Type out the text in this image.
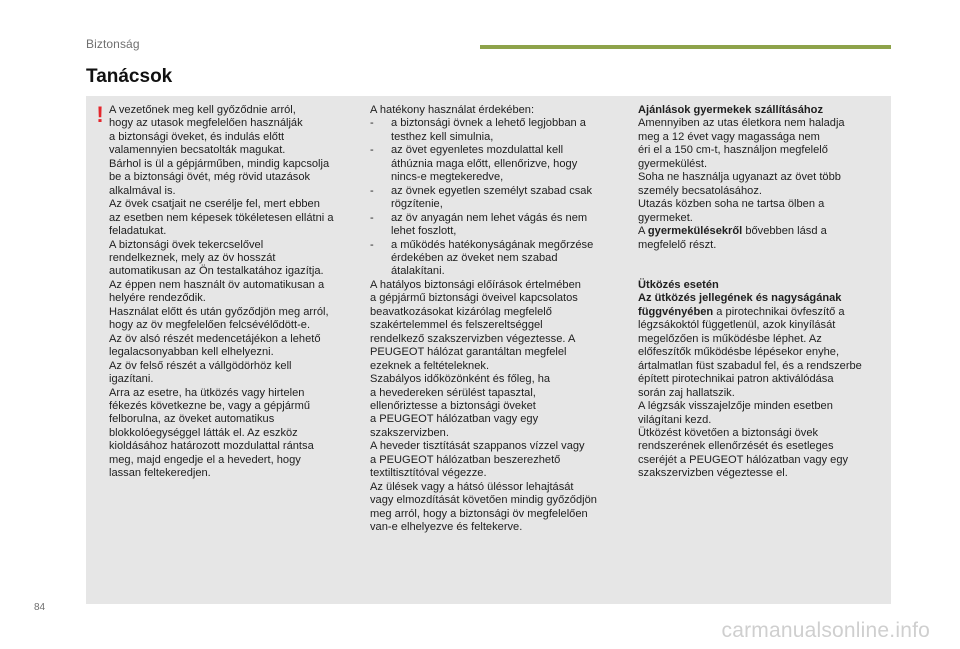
Biztonság
Tanácsok
! A vezetőnek meg kell győződnie arról,
hogy az utasok megfelelően használják
a biztonsági öveket, és indulás előtt
valamennyien becsatolták magukat.
Bárhol is ül a gépjárműben, mindig kapcsolja
be a biztonsági övét, még rövid utazások
alkalmával is.
Az övek csatjait ne cserélje fel, mert ebben
az esetben nem képesek tökéletesen ellátni a
feladatukat.
A biztonsági övek tekercselővel
rendelkeznek, mely az öv hosszát
automatikusan az Ön testalkatához igazítja.
Az éppen nem használt öv automatikusan a
helyére rendeződik.
Használat előtt és után győződjön meg arról,
hogy az öv megfelelően felcsévélődött-e.
Az öv alsó részét medencetájékon a lehető
legalacsonyabban kell elhelyezni.
Az öv felső részét a vállgödörhöz kell
igazítani.
Arra az esetre, ha ütközés vagy hirtelen
fékezés következne be, vagy a gépjármű
felborulna, az öveket automatikus
blokkolóegységgel látták el. Az eszköz
kioldásához határozott mozdulattal rántsa
meg, majd engedje el a hevedert, hogy
lassan feltekeredjen.
A hatékony használat érdekében:
- a biztonsági övnek a lehető legjobban a
testhez kell simulnia,
- az övet egyenletes mozdulattal kell
áthúznia maga előtt, ellenőrizve, hogy
nincs-e megtekeredve,
- az övnek egyetlen személyt szabad csak
rögzítenie,
- az öv anyagán nem lehet vágás és nem
lehet foszlott,
- a működés hatékonyságának megőrzése
érdekében az öveket nem szabad
átalakítani.
A hatályos biztonsági előírások értelmében
a gépjármű biztonsági öveivel kapcsolatos
beavatkozásokat kizárólag megfelelő
szakértelemmel és felszereltséggel
rendelkező szakszervizben végeztesse. A
PEUGEOT hálózat garantáltan megfelel
ezeknek a feltételeknek.
Szabályos időközönként és főleg, ha
a hevedereken sérülést tapasztal,
ellenőriztesse a biztonsági öveket
a PEUGEOT hálózatban vagy egy
szakszervizben.
A heveder tisztítását szappanos vízzel vagy
a PEUGEOT hálózatban beszerezhető
textiltisztítóval végezze.
Az ülések vagy a hátsó üléssor lehajtását
vagy elmozdítását követően mindig győződjön
meg arról, hogy a biztonsági öv megfelelően
van-e elhelyezve és feltekerve.
Ajánlások gyermekek szállításához
Amennyiben az utas életkora nem haladja
meg a 12 évet vagy magassága nem
éri el a 150 cm-t, használjon megfelelő
gyermekülést.
Soha ne használja ugyanazt az övet több
személy becsatolásához.
Utazás közben soha ne tartsa ölben a
gyermeket.
A gyermekülésekről bővebben lásd a
megfelelő részt.
Ütközés esetén
Az ütközés jellegének és nagyságának
függvényében a pirotechnikai övfeszítő a
légzsákoktól függetlenül, azok kinyílását
megelőzően is működésbe léphet. Az
előfeszítők működésbe lépésekor enyhe,
ártalmatlan füst szabadul fel, és a rendszerbe
épített pirotechnikai patron aktiválódása
során zaj hallatszik.
A légzsák visszajelzője minden esetben
világítani kezd.
Ütközést követően a biztonsági övek
rendszerének ellenőrzését és esetleges
cseréjét a PEUGEOT hálózatban vagy egy
szakszervizben végeztesse el.
84
carmanualsonline.info
